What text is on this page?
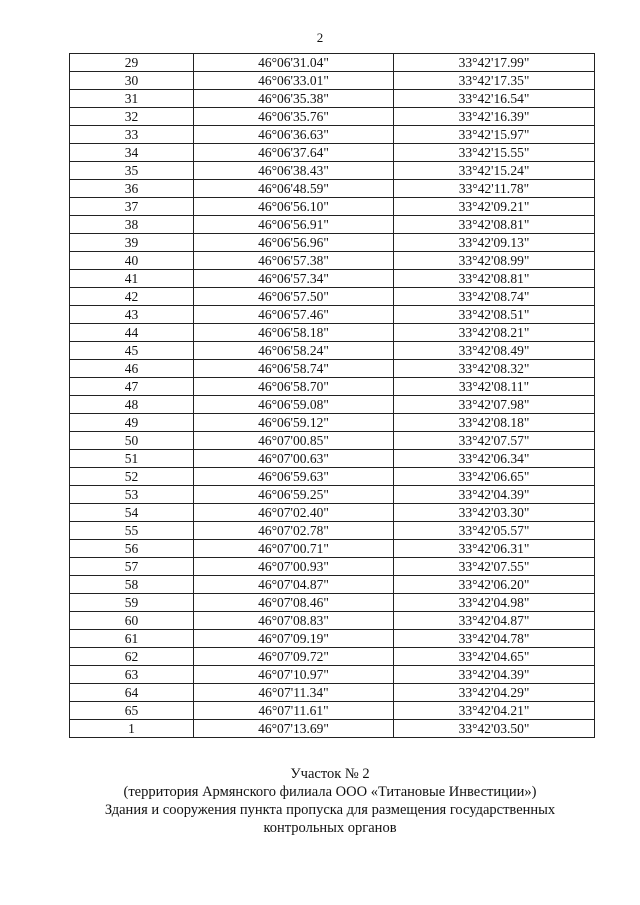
2
29	46°06'31.04"	33°42'17.99"
30	46°06'33.01"	33°42'17.35"
31	46°06'35.38"	33°42'16.54"
32	46°06'35.76"	33°42'16.39"
33	46°06'36.63"	33°42'15.97"
34	46°06'37.64"	33°42'15.55"
35	46°06'38.43"	33°42'15.24"
36	46°06'48.59"	33°42'11.78"
37	46°06'56.10"	33°42'09.21"
38	46°06'56.91"	33°42'08.81"
39	46°06'56.96"	33°42'09.13"
40	46°06'57.38"	33°42'08.99"
41	46°06'57.34"	33°42'08.81"
42	46°06'57.50"	33°42'08.74"
43	46°06'57.46"	33°42'08.51"
44	46°06'58.18"	33°42'08.21"
45	46°06'58.24"	33°42'08.49"
46	46°06'58.74"	33°42'08.32"
47	46°06'58.70"	33°42'08.11"
48	46°06'59.08"	33°42'07.98"
49	46°06'59.12"	33°42'08.18"
50	46°07'00.85"	33°42'07.57"
51	46°07'00.63"	33°42'06.34"
52	46°06'59.63"	33°42'06.65"
53	46°06'59.25"	33°42'04.39"
54	46°07'02.40"	33°42'03.30"
55	46°07'02.78"	33°42'05.57"
56	46°07'00.71"	33°42'06.31"
57	46°07'00.93"	33°42'07.55"
58	46°07'04.87"	33°42'06.20"
59	46°07'08.46"	33°42'04.98"
60	46°07'08.83"	33°42'04.87"
61	46°07'09.19"	33°42'04.78"
62	46°07'09.72"	33°42'04.65"
63	46°07'10.97"	33°42'04.39"
64	46°07'11.34"	33°42'04.29"
65	46°07'11.61"	33°42'04.21"
1	46°07'13.69"	33°42'03.50"
Участок № 2
(территория Армянского филиала ООО «Титановые Инвестиции»)
Здания и сооружения пункта пропуска для размещения государственных
контрольных органов
